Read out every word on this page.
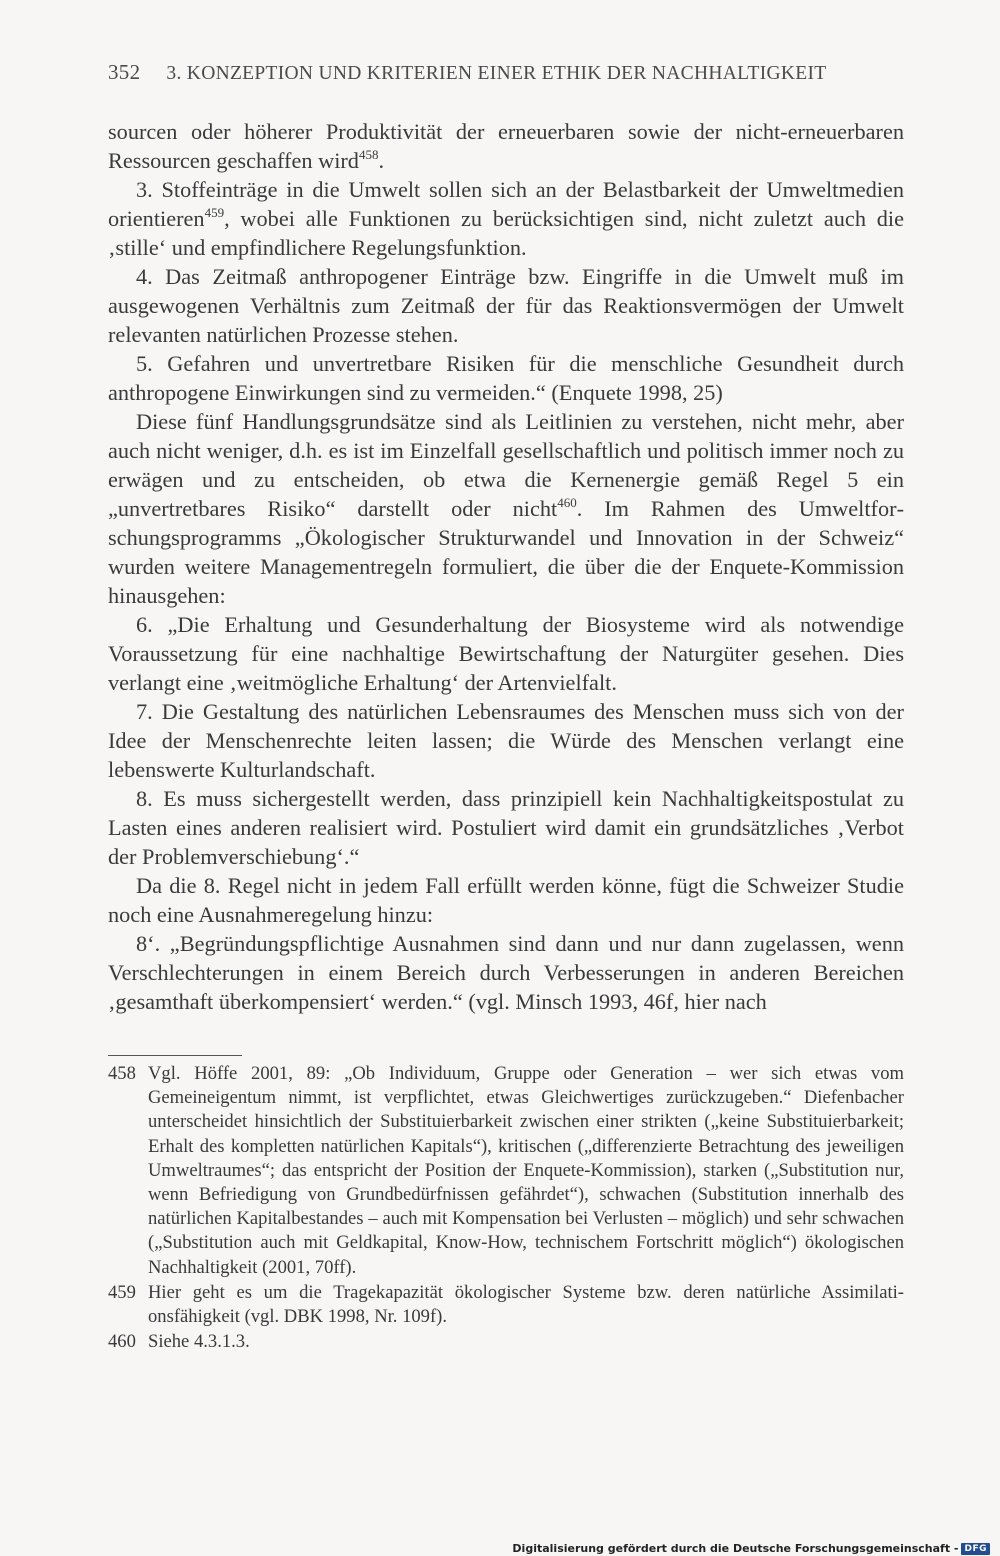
352 3. KONZEPTION UND KRITERIEN EINER ETHIK DER NACHHALTIGKEIT

sourcen oder höherer Produktivität der erneuerbaren sowie der nicht-erneuerbaren Ressourcen geschaffen wird$^{458}$.

3. Stoffeinträge in die Umwelt sollen sich an der Belastbarkeit der Umweltmedien orientieren$^{459}$, wobei alle Funktionen zu berücksichtigen sind, nicht zuletzt auch die ‚stille‘ und empfindlichere Regelungsfunktion.

4. Das Zeitmaß anthropogener Einträge bzw. Eingriffe in die Umwelt muß im ausgewogenen Verhältnis zum Zeitmaß der für das Reaktionsvermögen der Umwelt relevanten natürlichen Prozesse stehen.

5. Gefahren und unvertretbare Risiken für die menschliche Gesundheit durch anthropogene Einwirkungen sind zu vermeiden.“ (Enquete 1998, 25)

Diese fünf Handlungsgrundsätze sind als Leitlinien zu verstehen, nicht mehr, aber auch nicht weniger, d.h. es ist im Einzelfall gesellschaftlich und politisch immer noch zu erwägen und zu entscheiden, ob etwa die Kernenergie gemäß Regel 5 ein „unvertretbares Risiko“ darstellt oder nicht$^{460}$. Im Rahmen des Umweltforschungsprogramms „Ökologischer Strukturwandel und Innovation in der Schweiz“ wurden weitere Managementregeln formuliert, die über die der Enquete-Kommission hinausgehen:

6. „Die Erhaltung und Gesunderhaltung der Biosysteme wird als notwendige Voraussetzung für eine nachhaltige Bewirtschaftung der Naturgüter gesehen. Dies verlangt eine ‚weitmögliche Erhaltung‘ der Artenvielfalt.

7. Die Gestaltung des natürlichen Lebensraumes des Menschen muss sich von der Idee der Menschenrechte leiten lassen; die Würde des Menschen verlangt eine lebenswerte Kulturlandschaft.

8. Es muss sichergestellt werden, dass prinzipiell kein Nachhaltigkeitspostulat zu Lasten eines anderen realisiert wird. Postuliert wird damit ein grundsätzliches ‚Verbot der Problemverschiebung‘.“

Da die 8. Regel nicht in jedem Fall erfüllt werden könne, fügt die Schweizer Studie noch eine Ausnahmeregelung hinzu:

8‘. „Begründungspflichtige Ausnahmen sind dann und nur dann zugelassen, wenn Verschlechterungen in einem Bereich durch Verbesserungen in anderen Bereichen ‚gesamthaft überkompensiert‘ werden.“ (vgl. Minsch 1993, 46f, hier nach

458 Vgl. Höffe 2001, 89: „Ob Individuum, Gruppe oder Generation – wer sich etwas vom Gemeineigentum nimmt, ist verpflichtet, etwas Gleichwertiges zurückzugeben.“ Diefenbacher unterscheidet hinsichtlich der Substituierbarkeit zwischen einer strikten („keine Substituierbarkeit; Erhalt des kompletten natürlichen Kapitals“), kritischen („differenzierte Betrachtung des jeweiligen Umweltraumes“; das entspricht der Position der Enquete-Kommission), starken („Substitution nur, wenn Befriedigung von Grundbedürfnissen gefährdet“), schwachen (Substitution innerhalb des natürlichen Kapitalbestandes – auch mit Kompensation bei Verlusten – möglich) und sehr schwachen („Substitution auch mit Geldkapital, Know-How, technischem Fortschritt möglich“) ökologischen Nachhaltigkeit (2001, 70ff).
459 Hier geht es um die Tragekapazität ökologischer Systeme bzw. deren natürliche Assimilationsfähigkeit (vgl. DBK 1998, Nr. 109f).
460 Siehe 4.3.1.3.
Digitalisierung gefördert durch die Deutsche Forschungsgemeinschaft - DFG
